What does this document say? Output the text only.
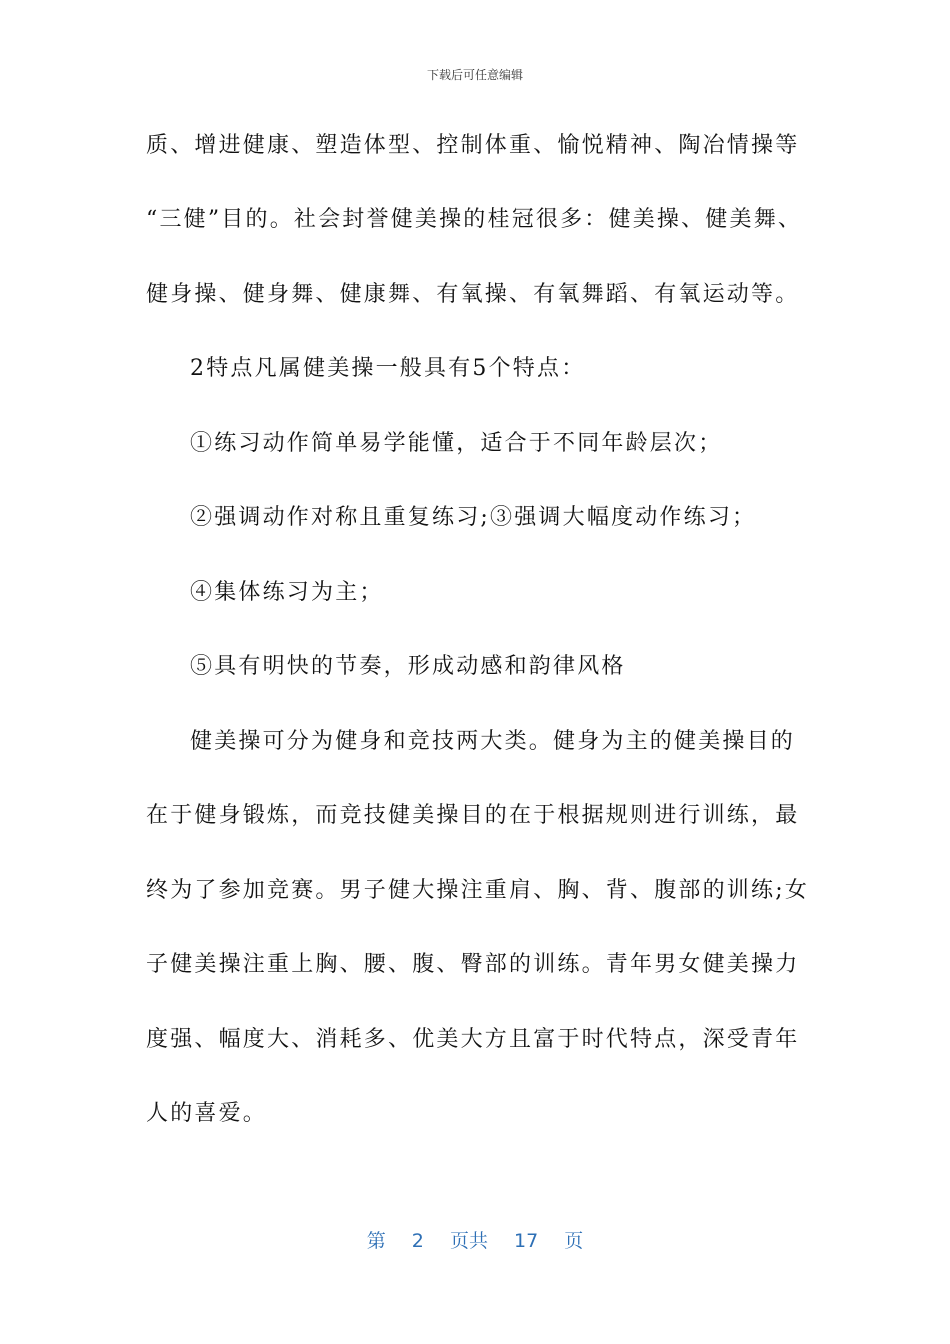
下载后可任意编辑
质、增进健康、塑造体型、控制体重、愉悦精神、陶冶情操等
“三健”目的。社会封誉健美操的桂冠很多：健美操、健美舞、
健身操、健身舞、健康舞、有氧操、有氧舞蹈、有氧运动等。
2特点凡属健美操一般具有5个特点：
①练习动作简单易学能懂，适合于不同年龄层次；
②强调动作对称且重复练习;③强调大幅度动作练习；
④集体练习为主；
⑤具有明快的节奏，形成动感和韵律风格
健美操可分为健身和竞技两大类。健身为主的健美操目的
在于健身锻炼，而竞技健美操目的在于根据规则进行训练，最
终为了参加竞赛。男子健大操注重肩、胸、背、腹部的训练;女
子健美操注重上胸、腰、腹、臀部的训练。青年男女健美操力
度强、幅度大、消耗多、优美大方且富于时代特点，深受青年
人的喜爱。
第 2 页共 17 页
